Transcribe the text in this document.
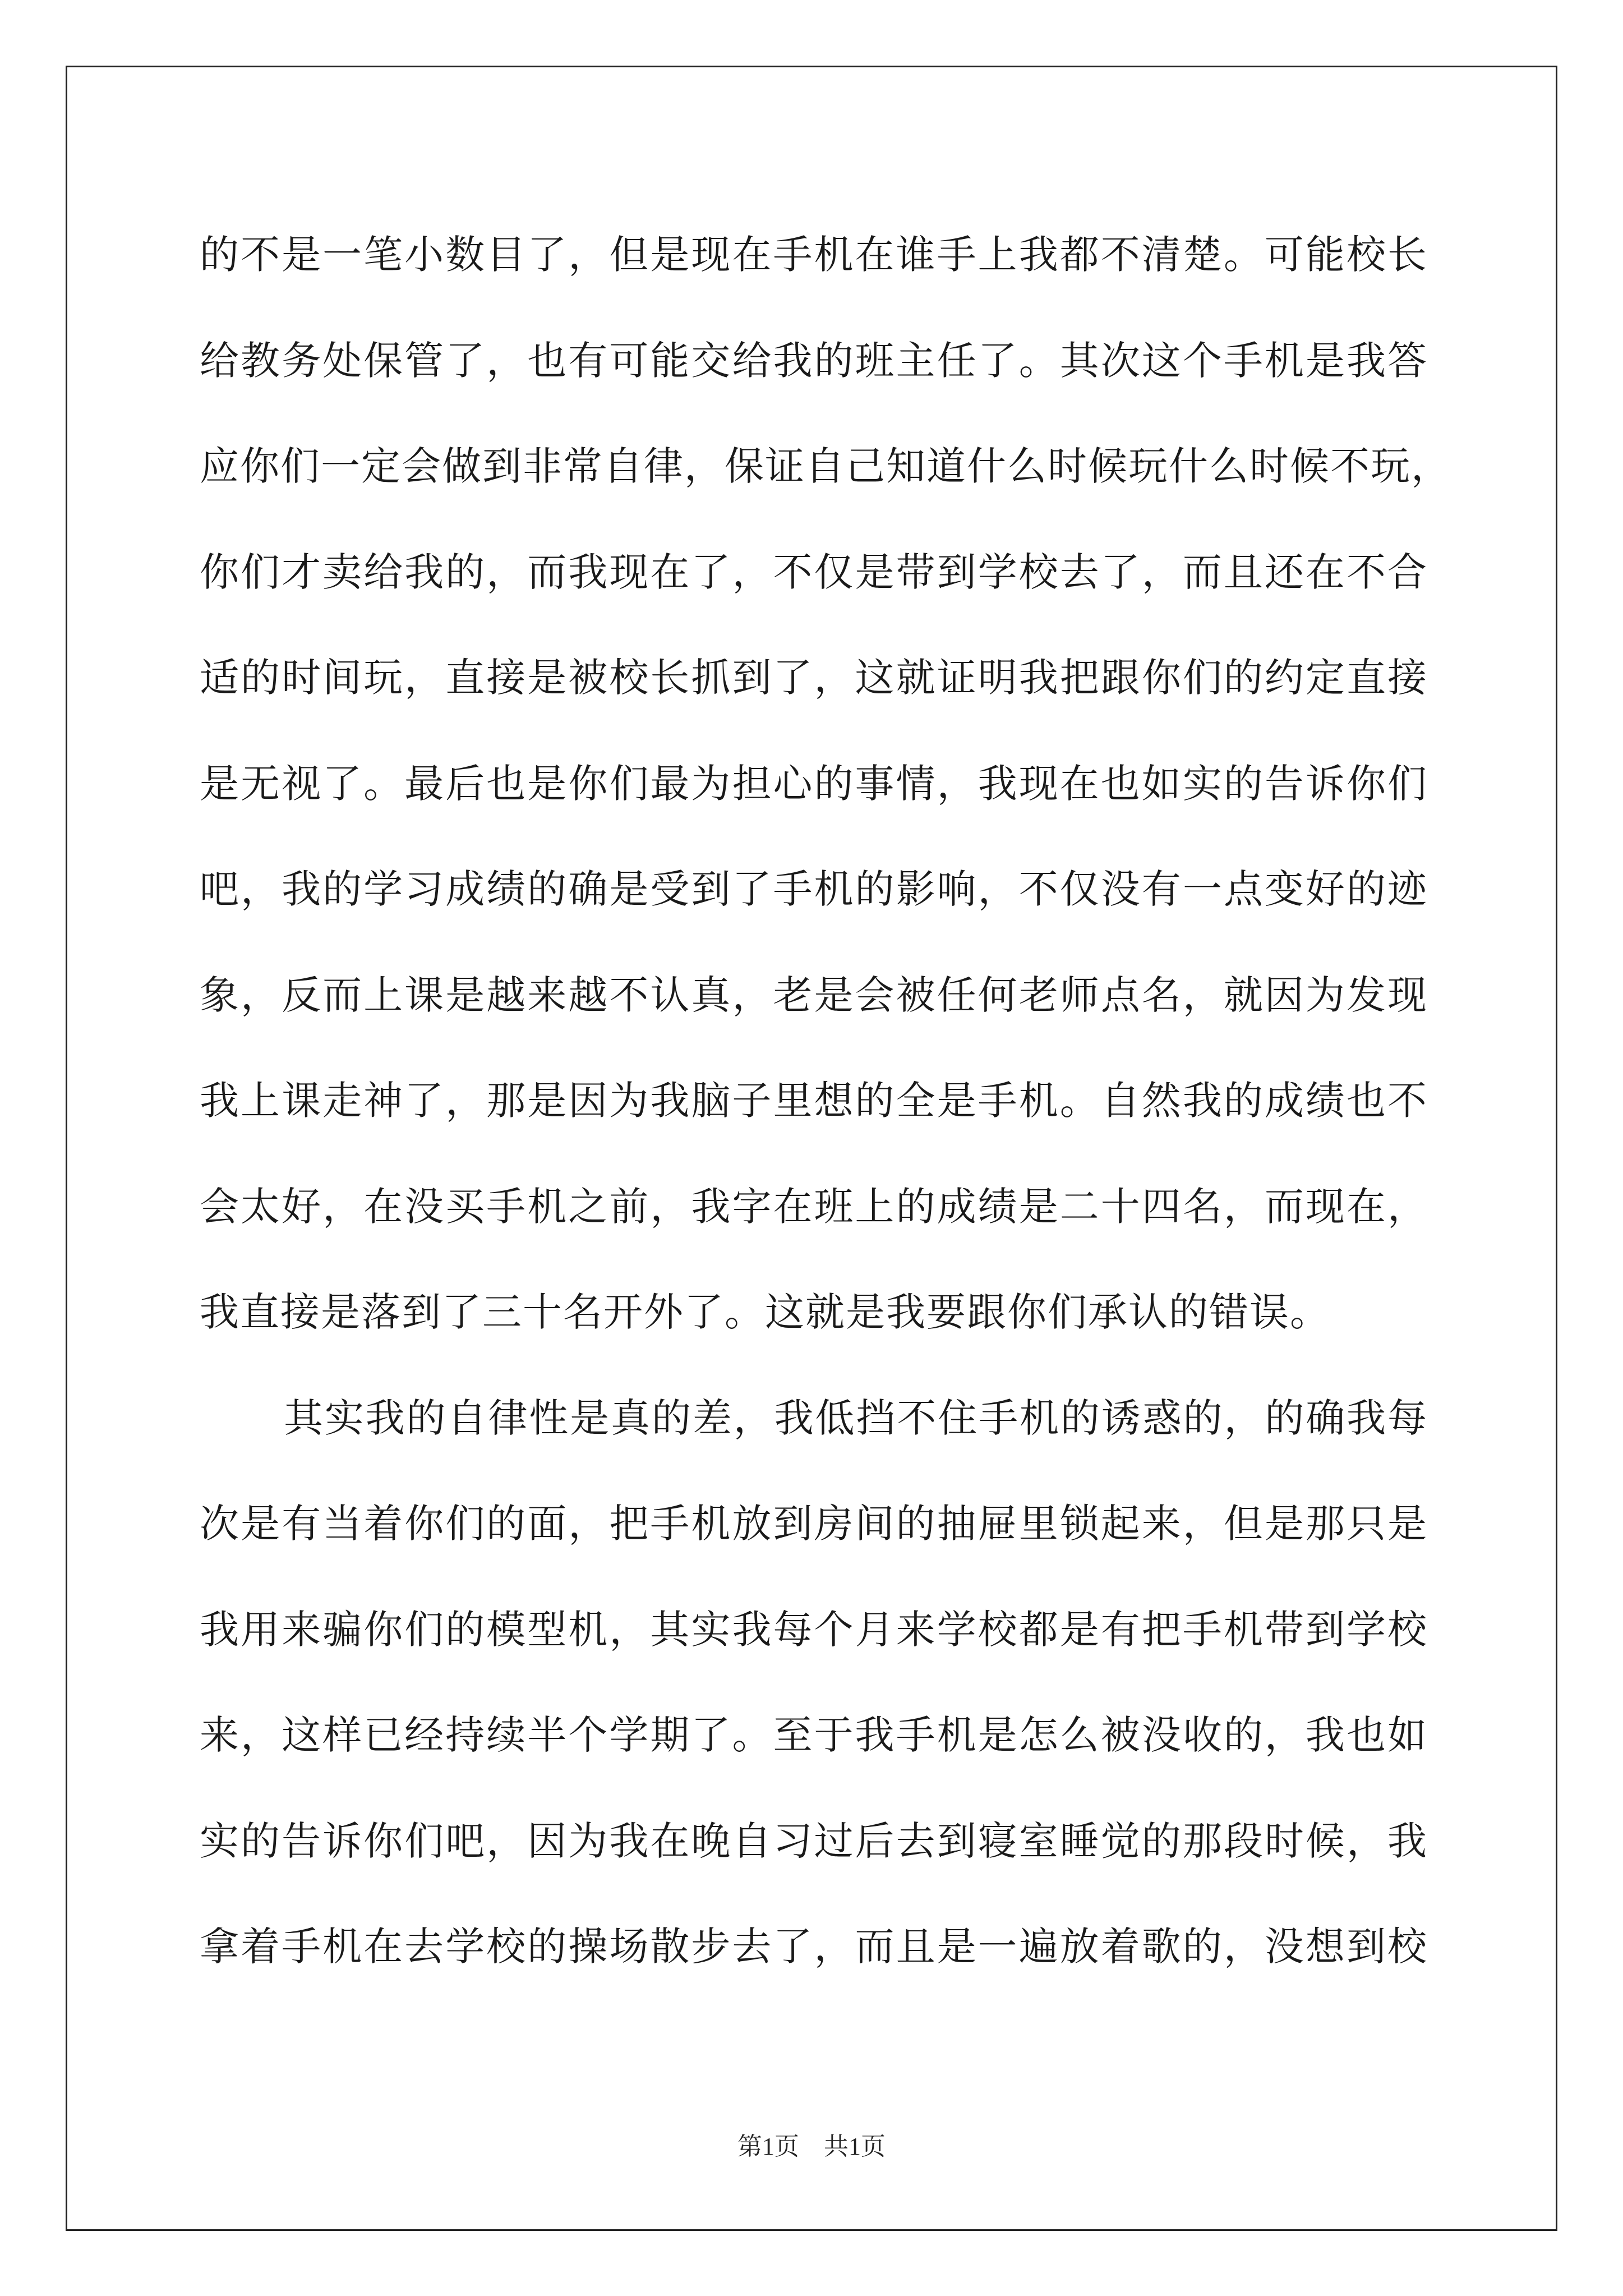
的不是一笔小数目了，但是现在手机在谁手上我都不清楚。可能校长
给教务处保管了，也有可能交给我的班主任了。其次这个手机是我答
应你们一定会做到非常自律，保证自己知道什么时候玩什么时候不玩，
你们才卖给我的，而我现在了，不仅是带到学校去了，而且还在不合
适的时间玩，直接是被校长抓到了，这就证明我把跟你们的约定直接
是无视了。最后也是你们最为担心的事情，我现在也如实的告诉你们
吧，我的学习成绩的确是受到了手机的影响，不仅没有一点变好的迹
象，反而上课是越来越不认真，老是会被任何老师点名，就因为发现
我上课走神了，那是因为我脑子里想的全是手机。自然我的成绩也不
会太好，在没买手机之前，我字在班上的成绩是二十四名，而现在，
我直接是落到了三十名开外了。这就是我要跟你们承认的错误。
其实我的自律性是真的差，我低挡不住手机的诱惑的，的确我每
次是有当着你们的面，把手机放到房间的抽屉里锁起来，但是那只是
我用来骗你们的模型机，其实我每个月来学校都是有把手机带到学校
来，这样已经持续半个学期了。至于我手机是怎么被没收的，我也如
实的告诉你们吧，因为我在晚自习过后去到寝室睡觉的那段时候，我
拿着手机在去学校的操场散步去了，而且是一遍放着歌的，没想到校
第1页　共1页
